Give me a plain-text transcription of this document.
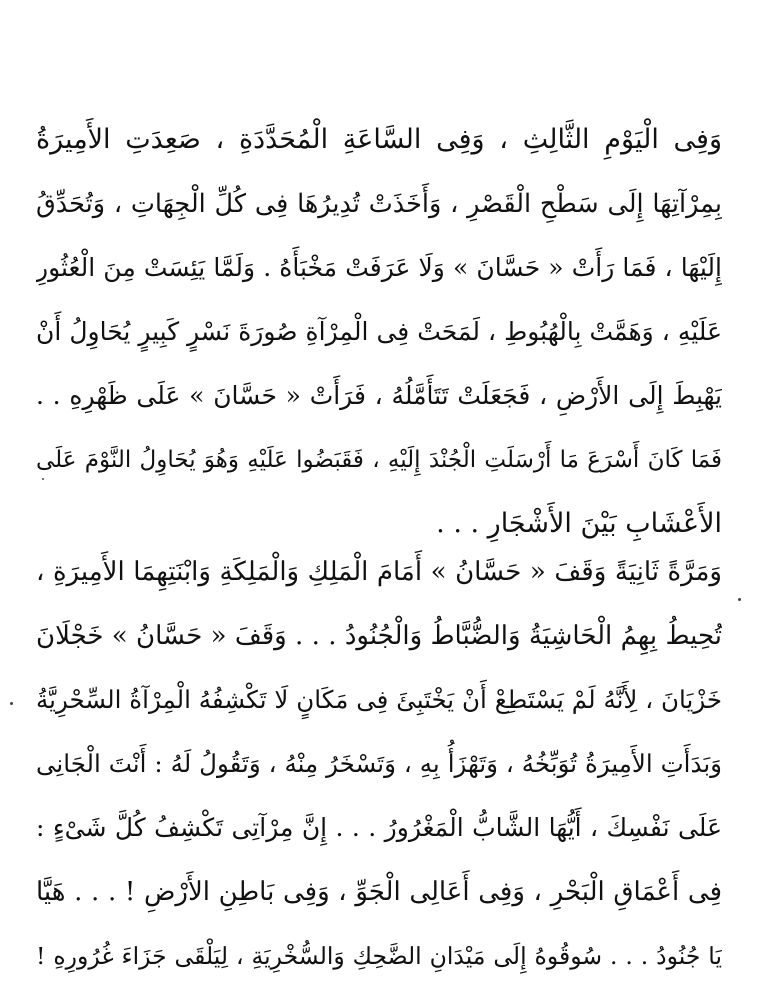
وَفِى الْيَوْمِ الثَّالِثِ ، وَفِى السَّاعَةِ الْمُحَدَّدَةِ ، صَعِدَتِ الأَمِيرَةُ
بِمِرْآتِهَا إِلَى سَطْحِ الْقَصْرِ ، وَأَخَذَتْ تُدِيرُهَا فِى كُلِّ الْجِهَاتِ ، وَتُحَدِّقُ
إِلَيْهَا ، فَمَا رَأَتْ « حَسَّانَ » وَلَا عَرَفَتْ مَخْبَأَهُ . وَلَمَّا يَئِسَتْ مِنَ الْعُثُورِ
عَلَيْهِ ، وَهَمَّتْ بِالْهُبُوطِ ، لَمَحَتْ فِى الْمِرْآةِ صُورَةَ نَسْرٍ كَبِيرٍ يُحَاوِلُ أَنْ
يَهْبِطَ إِلَى الأَرْضِ ، فَجَعَلَتْ تَتَأَمَّلُهُ ، فَرَأَتْ « حَسَّانَ » عَلَى ظَهْرِهِ . .
فَمَا كَانَ أَسْرَعَ مَا أَرْسَلَتِ الْجُنْدَ إِلَيْهِ ، فَقَبَضُوا عَلَيْهِ وَهُوَ يُحَاوِلُ النَّوْمَ عَلَى
الأَعْشَابِ بَيْنَ الأَشْجَارِ . . .
وَمَرَّةً ثَانِيَةً وَقَفَ « حَسَّانُ » أَمَامَ الْمَلِكِ وَالْمَلِكَةِ وَابْنَتِهِمَا الأَمِيرَةِ ،
تُحِيطُ بِهِمُ الْحَاشِيَةُ وَالضُّبَّاطُ وَالْجُنُودُ . . . وَقَفَ « حَسَّانُ » خَجْلَانَ
خَزْيَانَ ، لِأَنَّهُ لَمْ يَسْتَطِعْ أَنْ يَخْتَبِئَ فِى مَكَانٍ لَا تَكْشِفُهُ الْمِرْآةُ السِّحْرِيَّةُ
وَبَدَأَتِ الأَمِيرَةُ تُوَبِّخُهُ ، وَتَهْزَأُ بِهِ ، وَتَسْخَرُ مِنْهُ ، وَتَقُولُ لَهُ : أَنْتَ الْجَانِى
عَلَى نَفْسِكَ ، أَيُّهَا الشَّابُّ الْمَغْرُورُ . . . إِنَّ مِرْآتِى تَكْشِفُ كُلَّ شَىْءٍ :
فِى أَعْمَاقِ الْبَحْرِ ، وَفِى أَعَالِى الْجَوِّ ، وَفِى بَاطِنِ الأَرْضِ ! . . . هَيَّا
يَا جُنُودُ . . . سُوقُوهُ إِلَى مَيْدَانِ الضَّحِكِ وَالسُّخْرِيَةِ ، لِيَلْقَى جَزَاءَ غُرُورِهِ !
